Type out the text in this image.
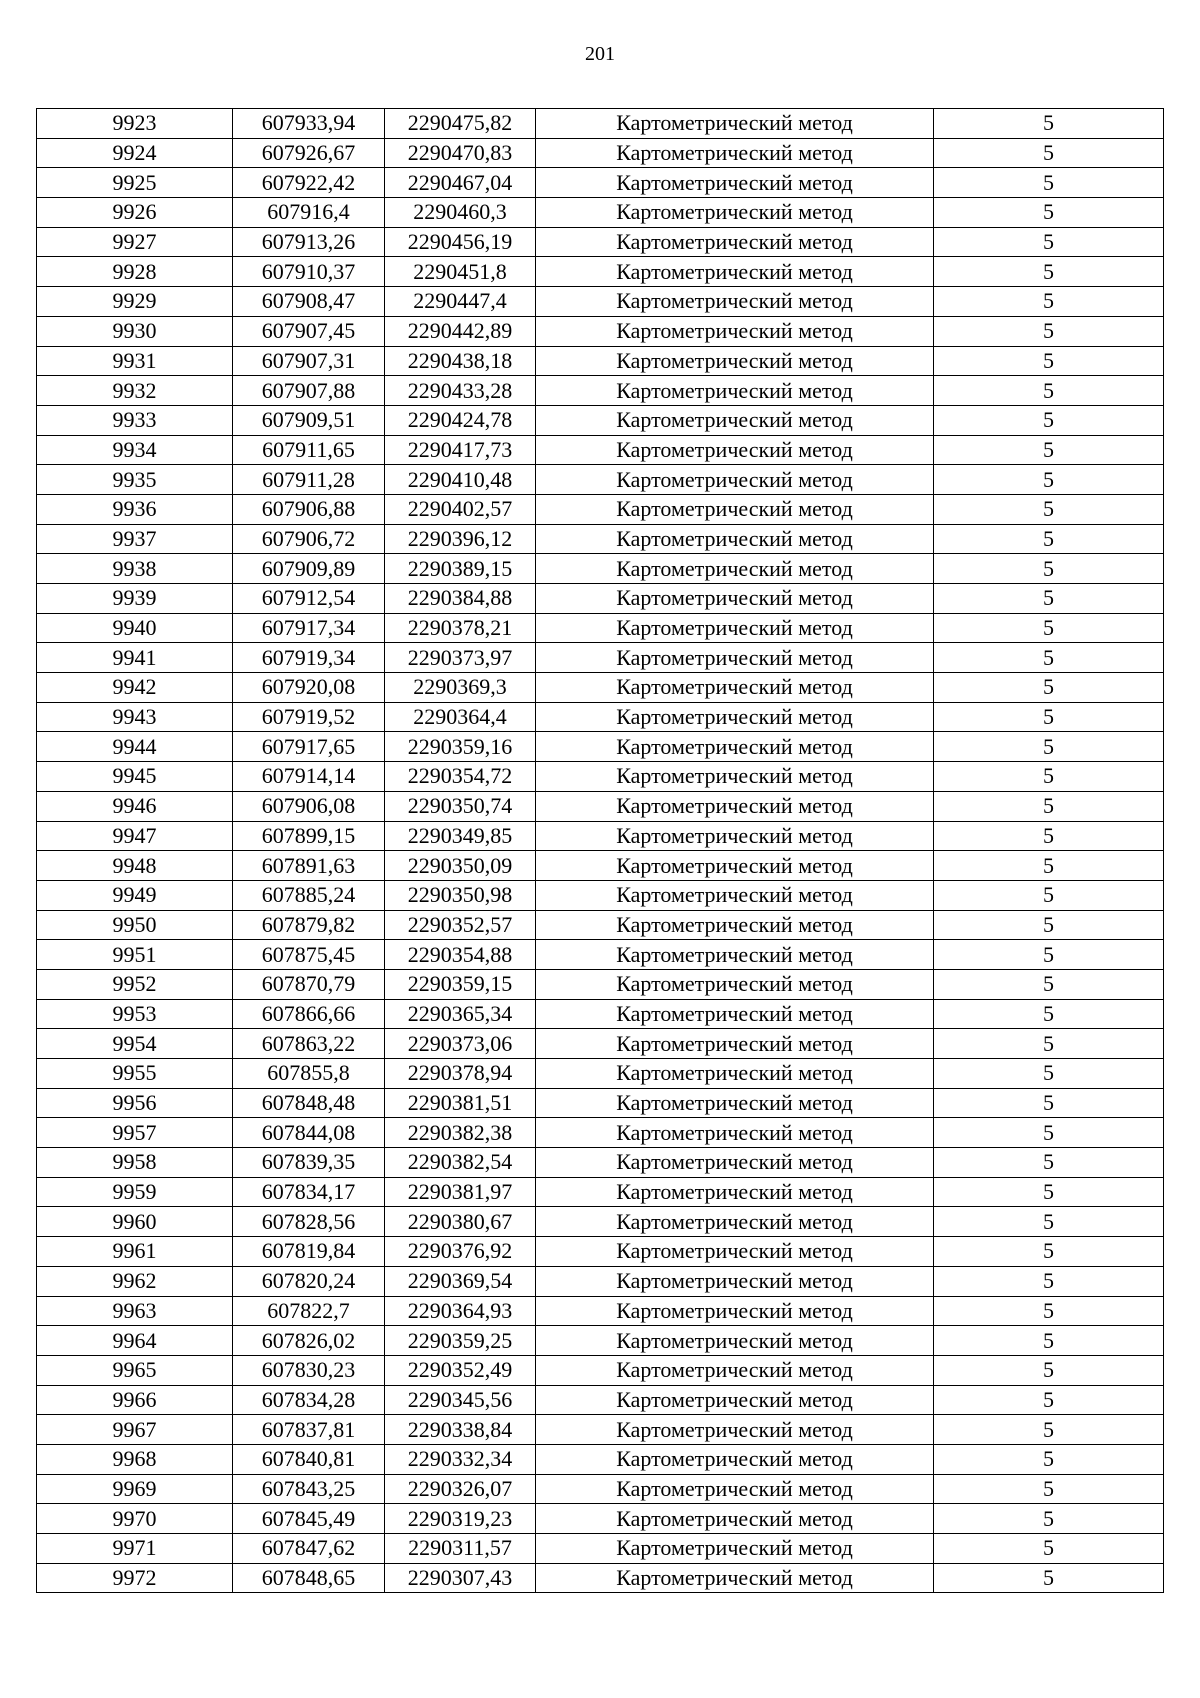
201
9923	607933,94	2290475,82	Картометрический метод	5
9924	607926,67	2290470,83	Картометрический метод	5
9925	607922,42	2290467,04	Картометрический метод	5
9926	607916,4	2290460,3	Картометрический метод	5
9927	607913,26	2290456,19	Картометрический метод	5
9928	607910,37	2290451,8	Картометрический метод	5
9929	607908,47	2290447,4	Картометрический метод	5
9930	607907,45	2290442,89	Картометрический метод	5
9931	607907,31	2290438,18	Картометрический метод	5
9932	607907,88	2290433,28	Картометрический метод	5
9933	607909,51	2290424,78	Картометрический метод	5
9934	607911,65	2290417,73	Картометрический метод	5
9935	607911,28	2290410,48	Картометрический метод	5
9936	607906,88	2290402,57	Картометрический метод	5
9937	607906,72	2290396,12	Картометрический метод	5
9938	607909,89	2290389,15	Картометрический метод	5
9939	607912,54	2290384,88	Картометрический метод	5
9940	607917,34	2290378,21	Картометрический метод	5
9941	607919,34	2290373,97	Картометрический метод	5
9942	607920,08	2290369,3	Картометрический метод	5
9943	607919,52	2290364,4	Картометрический метод	5
9944	607917,65	2290359,16	Картометрический метод	5
9945	607914,14	2290354,72	Картометрический метод	5
9946	607906,08	2290350,74	Картометрический метод	5
9947	607899,15	2290349,85	Картометрический метод	5
9948	607891,63	2290350,09	Картометрический метод	5
9949	607885,24	2290350,98	Картометрический метод	5
9950	607879,82	2290352,57	Картометрический метод	5
9951	607875,45	2290354,88	Картометрический метод	5
9952	607870,79	2290359,15	Картометрический метод	5
9953	607866,66	2290365,34	Картометрический метод	5
9954	607863,22	2290373,06	Картометрический метод	5
9955	607855,8	2290378,94	Картометрический метод	5
9956	607848,48	2290381,51	Картометрический метод	5
9957	607844,08	2290382,38	Картометрический метод	5
9958	607839,35	2290382,54	Картометрический метод	5
9959	607834,17	2290381,97	Картометрический метод	5
9960	607828,56	2290380,67	Картометрический метод	5
9961	607819,84	2290376,92	Картометрический метод	5
9962	607820,24	2290369,54	Картометрический метод	5
9963	607822,7	2290364,93	Картометрический метод	5
9964	607826,02	2290359,25	Картометрический метод	5
9965	607830,23	2290352,49	Картометрический метод	5
9966	607834,28	2290345,56	Картометрический метод	5
9967	607837,81	2290338,84	Картометрический метод	5
9968	607840,81	2290332,34	Картометрический метод	5
9969	607843,25	2290326,07	Картометрический метод	5
9970	607845,49	2290319,23	Картометрический метод	5
9971	607847,62	2290311,57	Картометрический метод	5
9972	607848,65	2290307,43	Картометрический метод	5
